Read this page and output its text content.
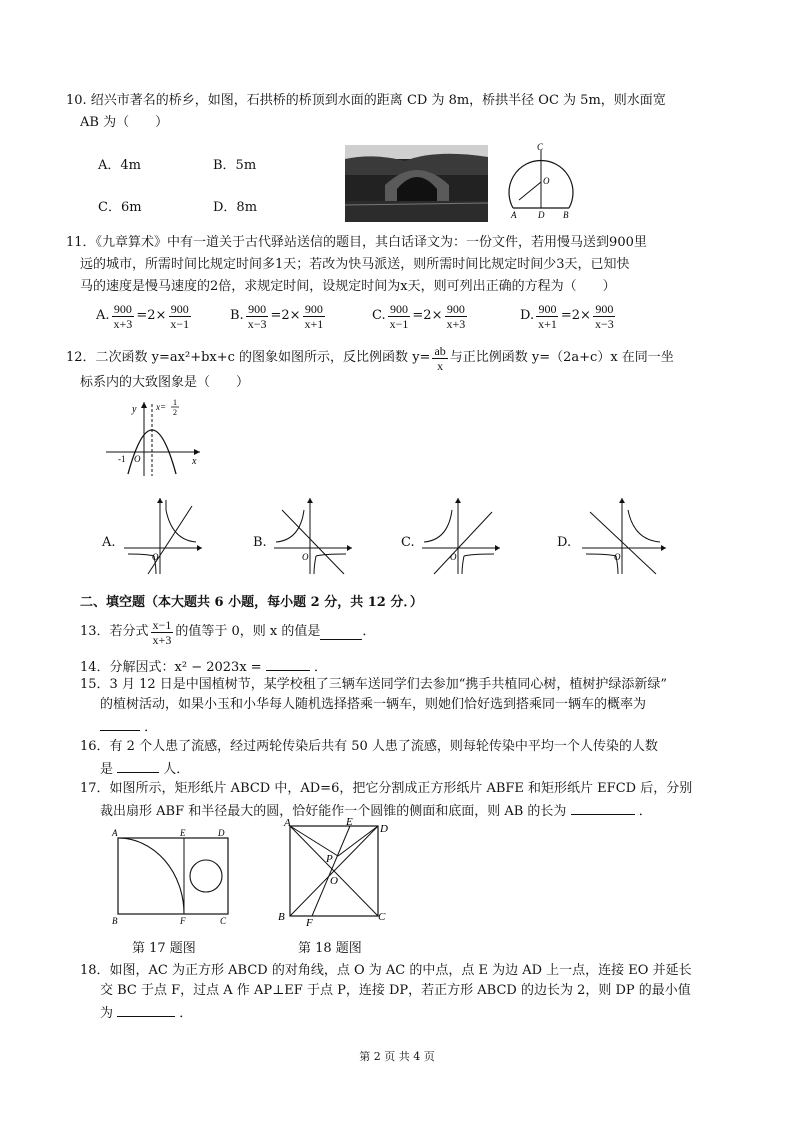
10. 绍兴市著名的桥乡，如图，石拱桥的桥顶到水面的距离 CD 为 8m，桥拱半径 OC 为 5m，则水面宽
AB 为（　　）
A．4m	B．5m
C．6m	D．8m
C
O
A D B
11．《九章算术》中有一道关于古代驿站送信的题目，其白话译文为：一份文件，若用慢马送到900里
远的城市，所需时间比规定时间多1天；若改为快马派送，则所需时间比规定时间少3天，已知快
马的速度是慢马速度的2倍，求规定时间，设规定时间为x天，则可列出正确的方程为（　　）
A. $\frac{900}{x+3} =2\times \frac{900}{x-1}$	B. $\frac{900}{x-3} =2\times \frac{900}{x+1}$	C. $\frac{900}{x-1} =2\times \frac{900}{x+3}$	D. $\frac{900}{x+1} =2\times \frac{900}{x-3}$
12．二次函数 y=ax²+bx+c 的图象如图所示，反比例函数 $y= \frac{ab}{x}$ 与正比例函数 y=（2a+c）x 在同一坐
标系内的大致图象是（　　）
y
x
-1 O
x= 1
2
A.
O
B.
O
C.
O
D.
O
二、填空题（本大题共 6 小题，每小题 2 分，共 12 分．）
13．若分式 $\frac{x-1}{x+3}$ 的值等于 0，则 x 的值是	．
14．分解因式：x² − 2023x =	．
15．3 月 12 日是中国植树节，某学校租了三辆车送同学们去参加“携手共植同心树，植树护绿添新绿”
的植树活动，如果小玉和小华每人随机选择搭乘一辆车，则她们恰好选到搭乘同一辆车的概率为
．
16．有 2 个人患了流感，经过两轮传染后共有 50 人患了流感，则每轮传染中平均一个人传染的人数
是	人．
17．如图所示，矩形纸片 ABCD 中，AD=6，把它分割成正方形纸片 ABFE 和矩形纸片 EFCD 后，分别
裁出扇形 ABF 和半径最大的圆，恰好能作一个圆锥的侧面和底面，则 AB 的长为	．
A	E	D
B	F	C
第 17 题图
A	E
D
P
O
B F	C
第 18 题图
18．如图，AC 为正方形 ABCD 的对角线，点 O 为 AC 的中点，点 E 为边 AD 上一点，连接 EO 并延长
交 BC 于点 F，过点 A 作 AP⊥EF 于点 P，连接 DP，若正方形 ABCD 的边长为 2，则 DP 的最小值
为	．
第 2 页 共 4 页
